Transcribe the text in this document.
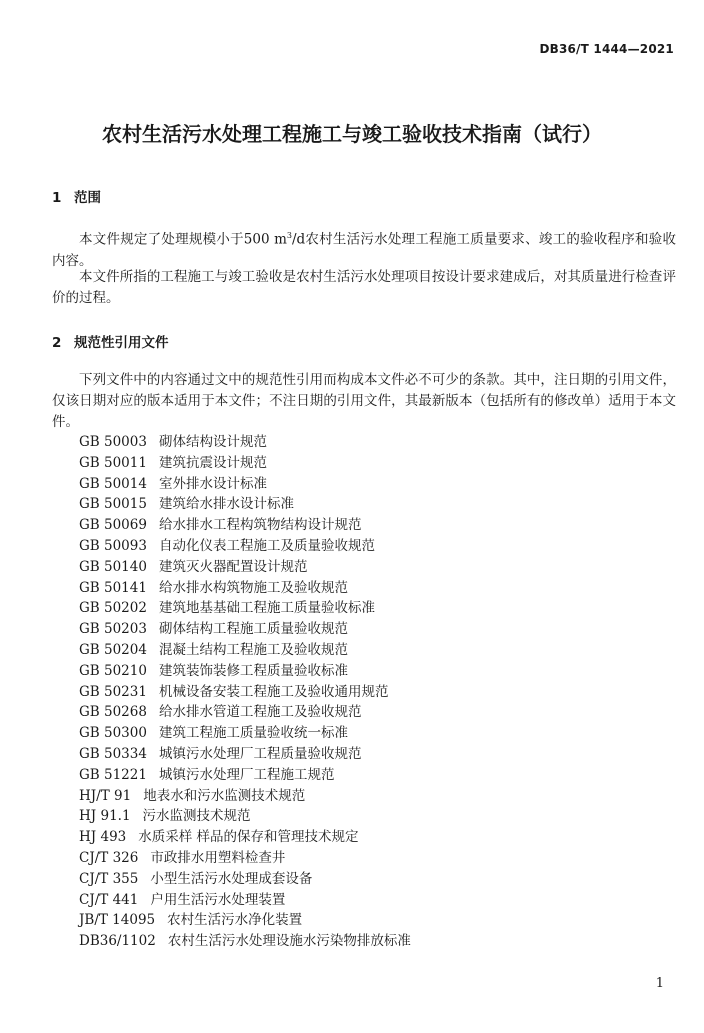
DB36/T 1444—2021
农村生活污水处理工程施工与竣工验收技术指南（试行）
1 范围
本文件规定了处理规模小于500 $m^3/d$农村生活污水处理工程施工质量要求、竣工的验收程序和验收内容。
本文件所指的工程施工与竣工验收是农村生活污水处理项目按设计要求建成后，对其质量进行检查评价的过程。
2 规范性引用文件
下列文件中的内容通过文中的规范性引用而构成本文件必不可少的条款。其中，注日期的引用文件，仅该日期对应的版本适用于本文件；不注日期的引用文件，其最新版本（包括所有的修改单）适用于本文件。
GB 50003 砌体结构设计规范
GB 50011 建筑抗震设计规范
GB 50014 室外排水设计标准
GB 50015 建筑给水排水设计标准
GB 50069 给水排水工程构筑物结构设计规范
GB 50093 自动化仪表工程施工及质量验收规范
GB 50140 建筑灭火器配置设计规范
GB 50141 给水排水构筑物施工及验收规范
GB 50202 建筑地基基础工程施工质量验收标准
GB 50203 砌体结构工程施工质量验收规范
GB 50204 混凝土结构工程施工及验收规范
GB 50210 建筑装饰装修工程质量验收标准
GB 50231 机械设备安装工程施工及验收通用规范
GB 50268 给水排水管道工程施工及验收规范
GB 50300 建筑工程施工质量验收统一标准
GB 50334 城镇污水处理厂工程质量验收规范
GB 51221 城镇污水处理厂工程施工规范
HJ/T 91 地表水和污水监测技术规范
HJ 91.1 污水监测技术规范
HJ 493 水质采样 样品的保存和管理技术规定
CJ/T 326 市政排水用塑料检查井
CJ/T 355 小型生活污水处理成套设备
CJ/T 441 户用生活污水处理装置
JB/T 14095 农村生活污水净化装置
DB36/1102 农村生活污水处理设施水污染物排放标准
1
